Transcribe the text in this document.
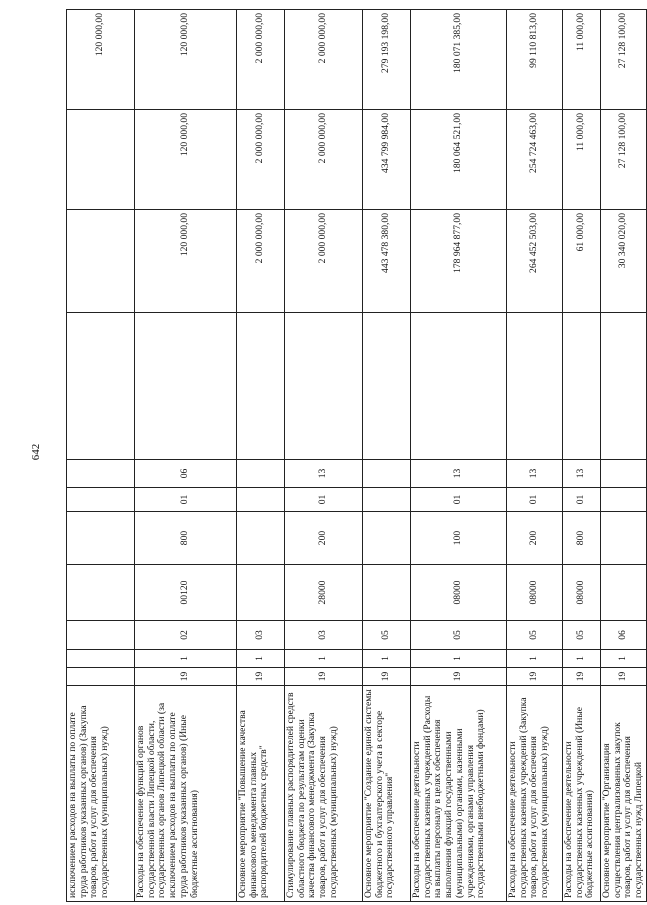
642
исключением расходов на выплаты по оплате труда работников указанных органов) (Закупка товаров, работ и услуг для обеспечения государственных (муниципальных) нужд)											120 000,00
Расходы на обеспечение функций органов государственной власти Липецкой области, государственных органов Липецкой области (за исключением расходов на выплаты по оплате труда работников указанных органов) (Иные бюджетные ассигнования)	19	1	02	00120	800	01	06		120 000,00	120 000,00	120 000,00
Основное мероприятие "Повышение качества финансового менеджмента главных распорядителей бюджетных средств"	19	1	03						2 000 000,00	2 000 000,00	2 000 000,00
Стимулирование главных распорядителей средств областного бюджета по результатам оценки качества финансового менеджмента (Закупка товаров, работ и услуг для обеспечения государственных (муниципальных) нужд)	19	1	03	28000	200	01	13		2 000 000,00	2 000 000,00	2 000 000,00
Основное мероприятие "Создание единой системы бюджетного и бухгалтерского учета в секторе государственного управления"	19	1	05						443 478 380,00	434 799 984,00	279 193 198,00
Расходы на обеспечение деятельности государственных казенных учреждений (Расходы на выплаты персоналу в целях обеспечения выполнения функций государственными (муниципальными) органами, казенными учреждениями, органами управления государственными внебюджетными фондами)	19	1	05	08000	100	01	13		178 964 877,00	180 064 521,00	180 071 385,00
Расходы на обеспечение деятельности государственных казенных учреждений (Закупка товаров, работ и услуг для обеспечения государственных (муниципальных) нужд)	19	1	05	08000	200	01	13		264 452 503,00	254 724 463,00	99 110 813,00
Расходы на обеспечение деятельности государственных казенных учреждений (Иные бюджетные ассигнования)	19	1	05	08000	800	01	13		61 000,00	11 000,00	11 000,00
Основное мероприятие "Организация осуществления централизованных закупок товаров, работ и услуг для обеспечения государственных нужд Липецкой	19	1	06						30 340 020,00	27 128 100,00	27 128 100,00
